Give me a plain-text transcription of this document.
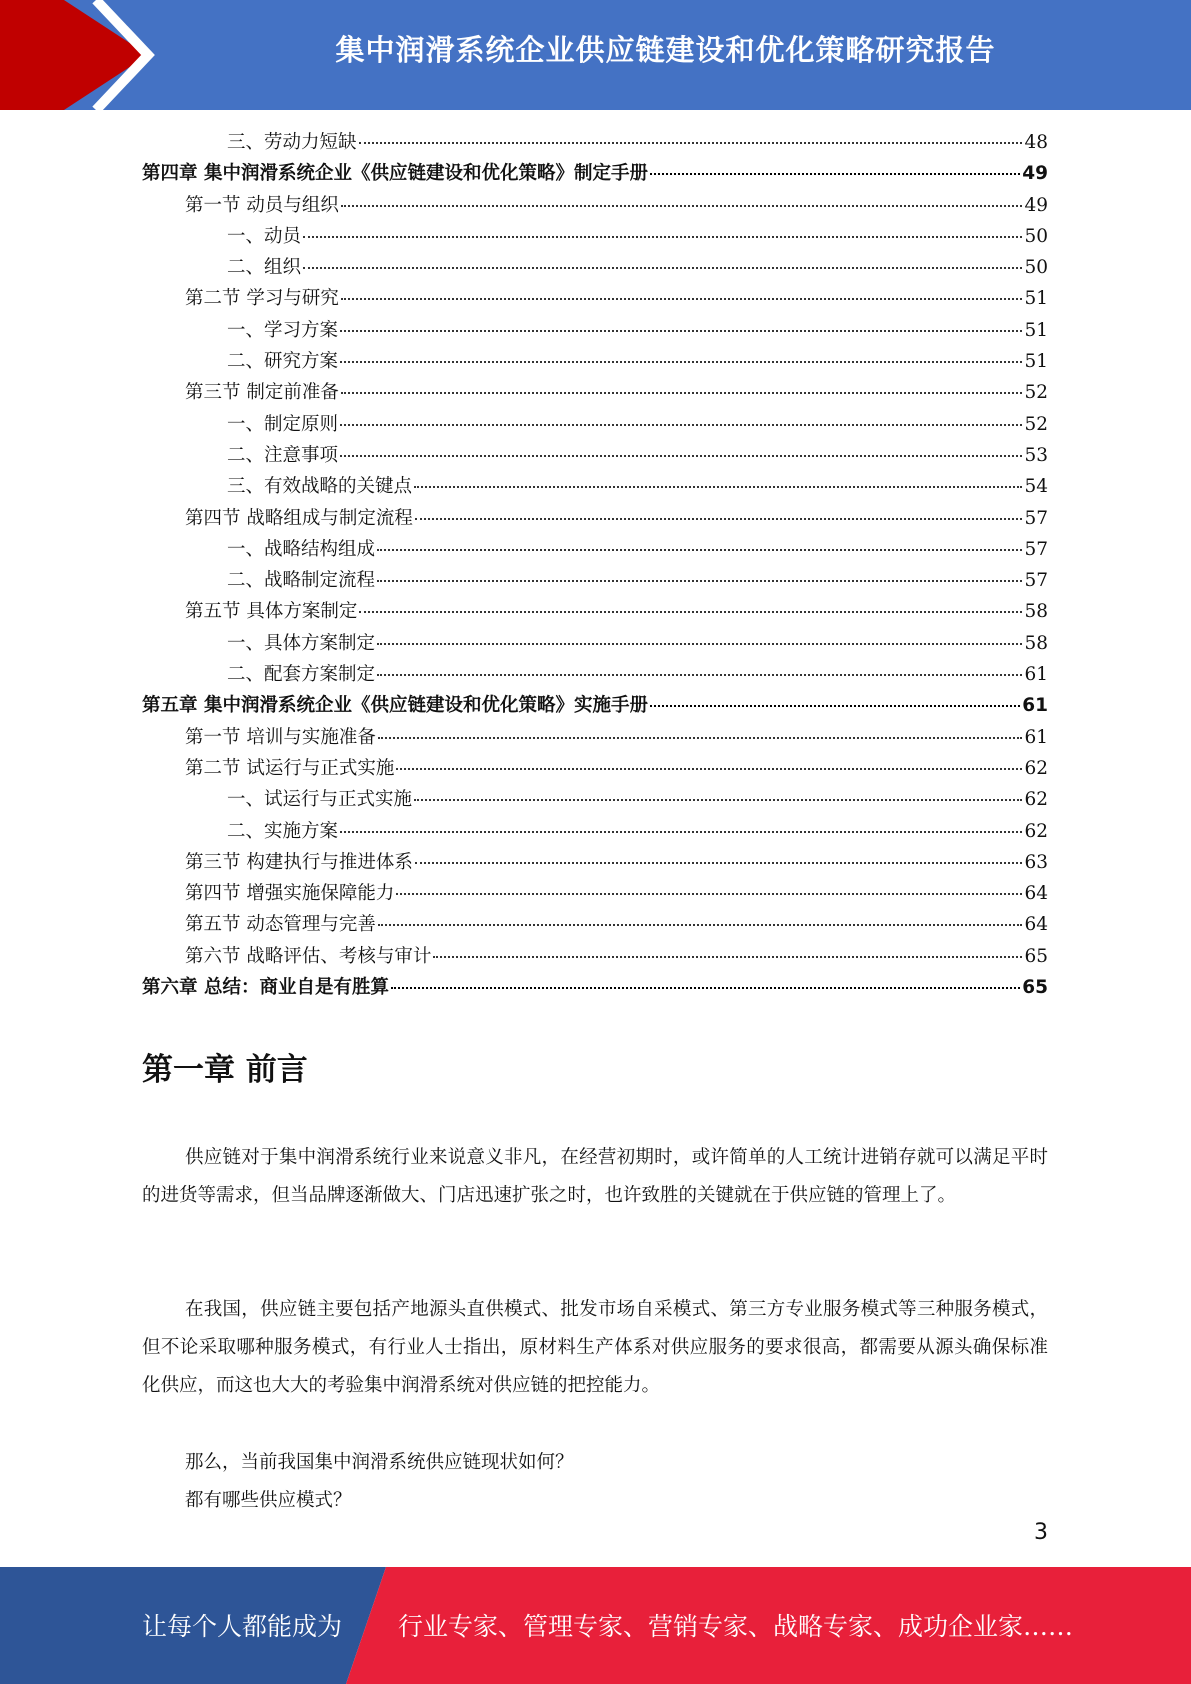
集中润滑系统企业供应链建设和优化策略研究报告
三、劳动力短缺	48
第四章 集中润滑系统企业《供应链建设和优化策略》制定手册	49
第一节 动员与组织	49
一、动员	50
二、组织	50
第二节 学习与研究	51
一、学习方案	51
二、研究方案	51
第三节 制定前准备	52
一、制定原则	52
二、注意事项	53
三、有效战略的关键点	54
第四节 战略组成与制定流程	57
一、战略结构组成	57
二、战略制定流程	57
第五节 具体方案制定	58
一、具体方案制定	58
二、配套方案制定	61
第五章 集中润滑系统企业《供应链建设和优化策略》实施手册	61
第一节 培训与实施准备	61
第二节 试运行与正式实施	62
一、试运行与正式实施	62
二、实施方案	62
第三节 构建执行与推进体系	63
第四节 增强实施保障能力	64
第五节 动态管理与完善	64
第六节 战略评估、考核与审计	65
第六章 总结：商业自是有胜算	65
第一章 前言

供应链对于集中润滑系统行业来说意义非凡，在经营初期时，或许简单的人工统计进销存就可以满足平时的进货等需求，但当品牌逐渐做大、门店迅速扩张之时，也许致胜的关键就在于供应链的管理上了。

在我国，供应链主要包括产地源头直供模式、批发市场自采模式、第三方专业服务模式等三种服务模式，但不论采取哪种服务模式，有行业人士指出，原材料生产体系对供应服务的要求很高，都需要从源头确保标准化供应，而这也大大的考验集中润滑系统对供应链的把控能力。

那么，当前我国集中润滑系统供应链现状如何？

都有哪些供应模式？

3
让每个人都能成为 行业专家、管理专家、营销专家、战略专家、成功企业家……
